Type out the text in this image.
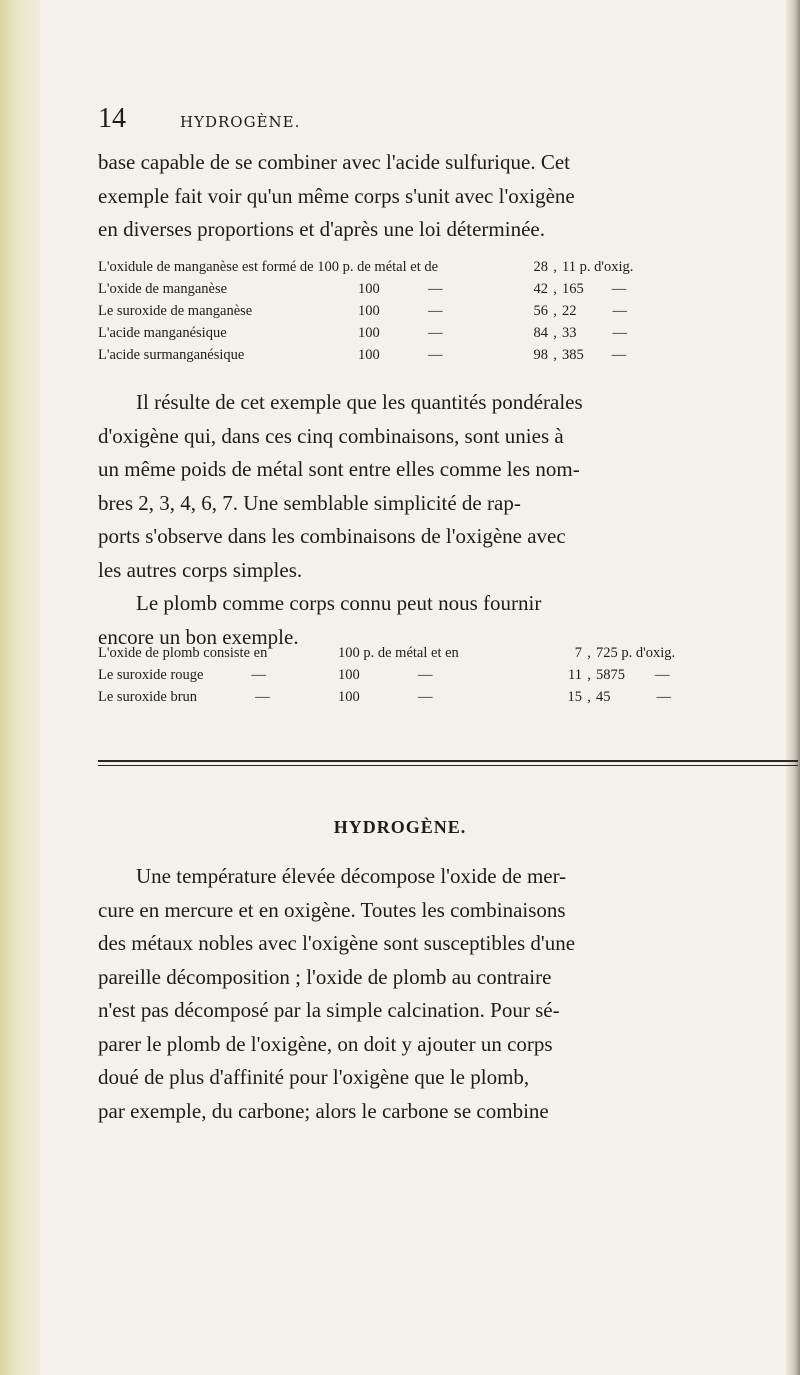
14	HYDROGÈNE.
base capable de se combiner avec l'acide sulfurique. Cet
exemple fait voir qu'un même corps s'unit avec l'oxigène
en diverses proportions et d'après une loi déterminée.
L'oxidule de manganèse est formé de 100 p. de métal et de			28	,	11 p. d'oxig.
L'oxide de manganèse	100	—	42	,	165 —
Le suroxide de manganèse	100	—	56	,	22 —
L'acide manganésique	100	—	84	,	33 —
L'acide surmanganésique	100	—	98	,	385 —
Il résulte de cet exemple que les quantités pondérales
d'oxigène qui, dans ces cinq combinaisons, sont unies à
un même poids de métal sont entre elles comme les nom-
bres 2, 3, 4, 6, 7. Une semblable simplicité de rap-
ports s'observe dans les combinaisons de l'oxigène avec
les autres corps simples.
Le plomb comme corps connu peut nous fournir
encore un bon exemple.
L'oxide de plomb consiste en	100 p. de métal et en		7	,	725 p. d'oxig.
Le suroxide rouge —	100	—	11	,	5875 —
Le suroxide brun —	100	—	15	,	45 —
HYDROGÈNE.
Une température élevée décompose l'oxide de mer-
cure en mercure et en oxigène. Toutes les combinaisons
des métaux nobles avec l'oxigène sont susceptibles d'une
pareille décomposition ; l'oxide de plomb au contraire
n'est pas décomposé par la simple calcination. Pour sé-
parer le plomb de l'oxigène, on doit y ajouter un corps
doué de plus d'affinité pour l'oxigène que le plomb,
par exemple, du carbone; alors le carbone se combine
